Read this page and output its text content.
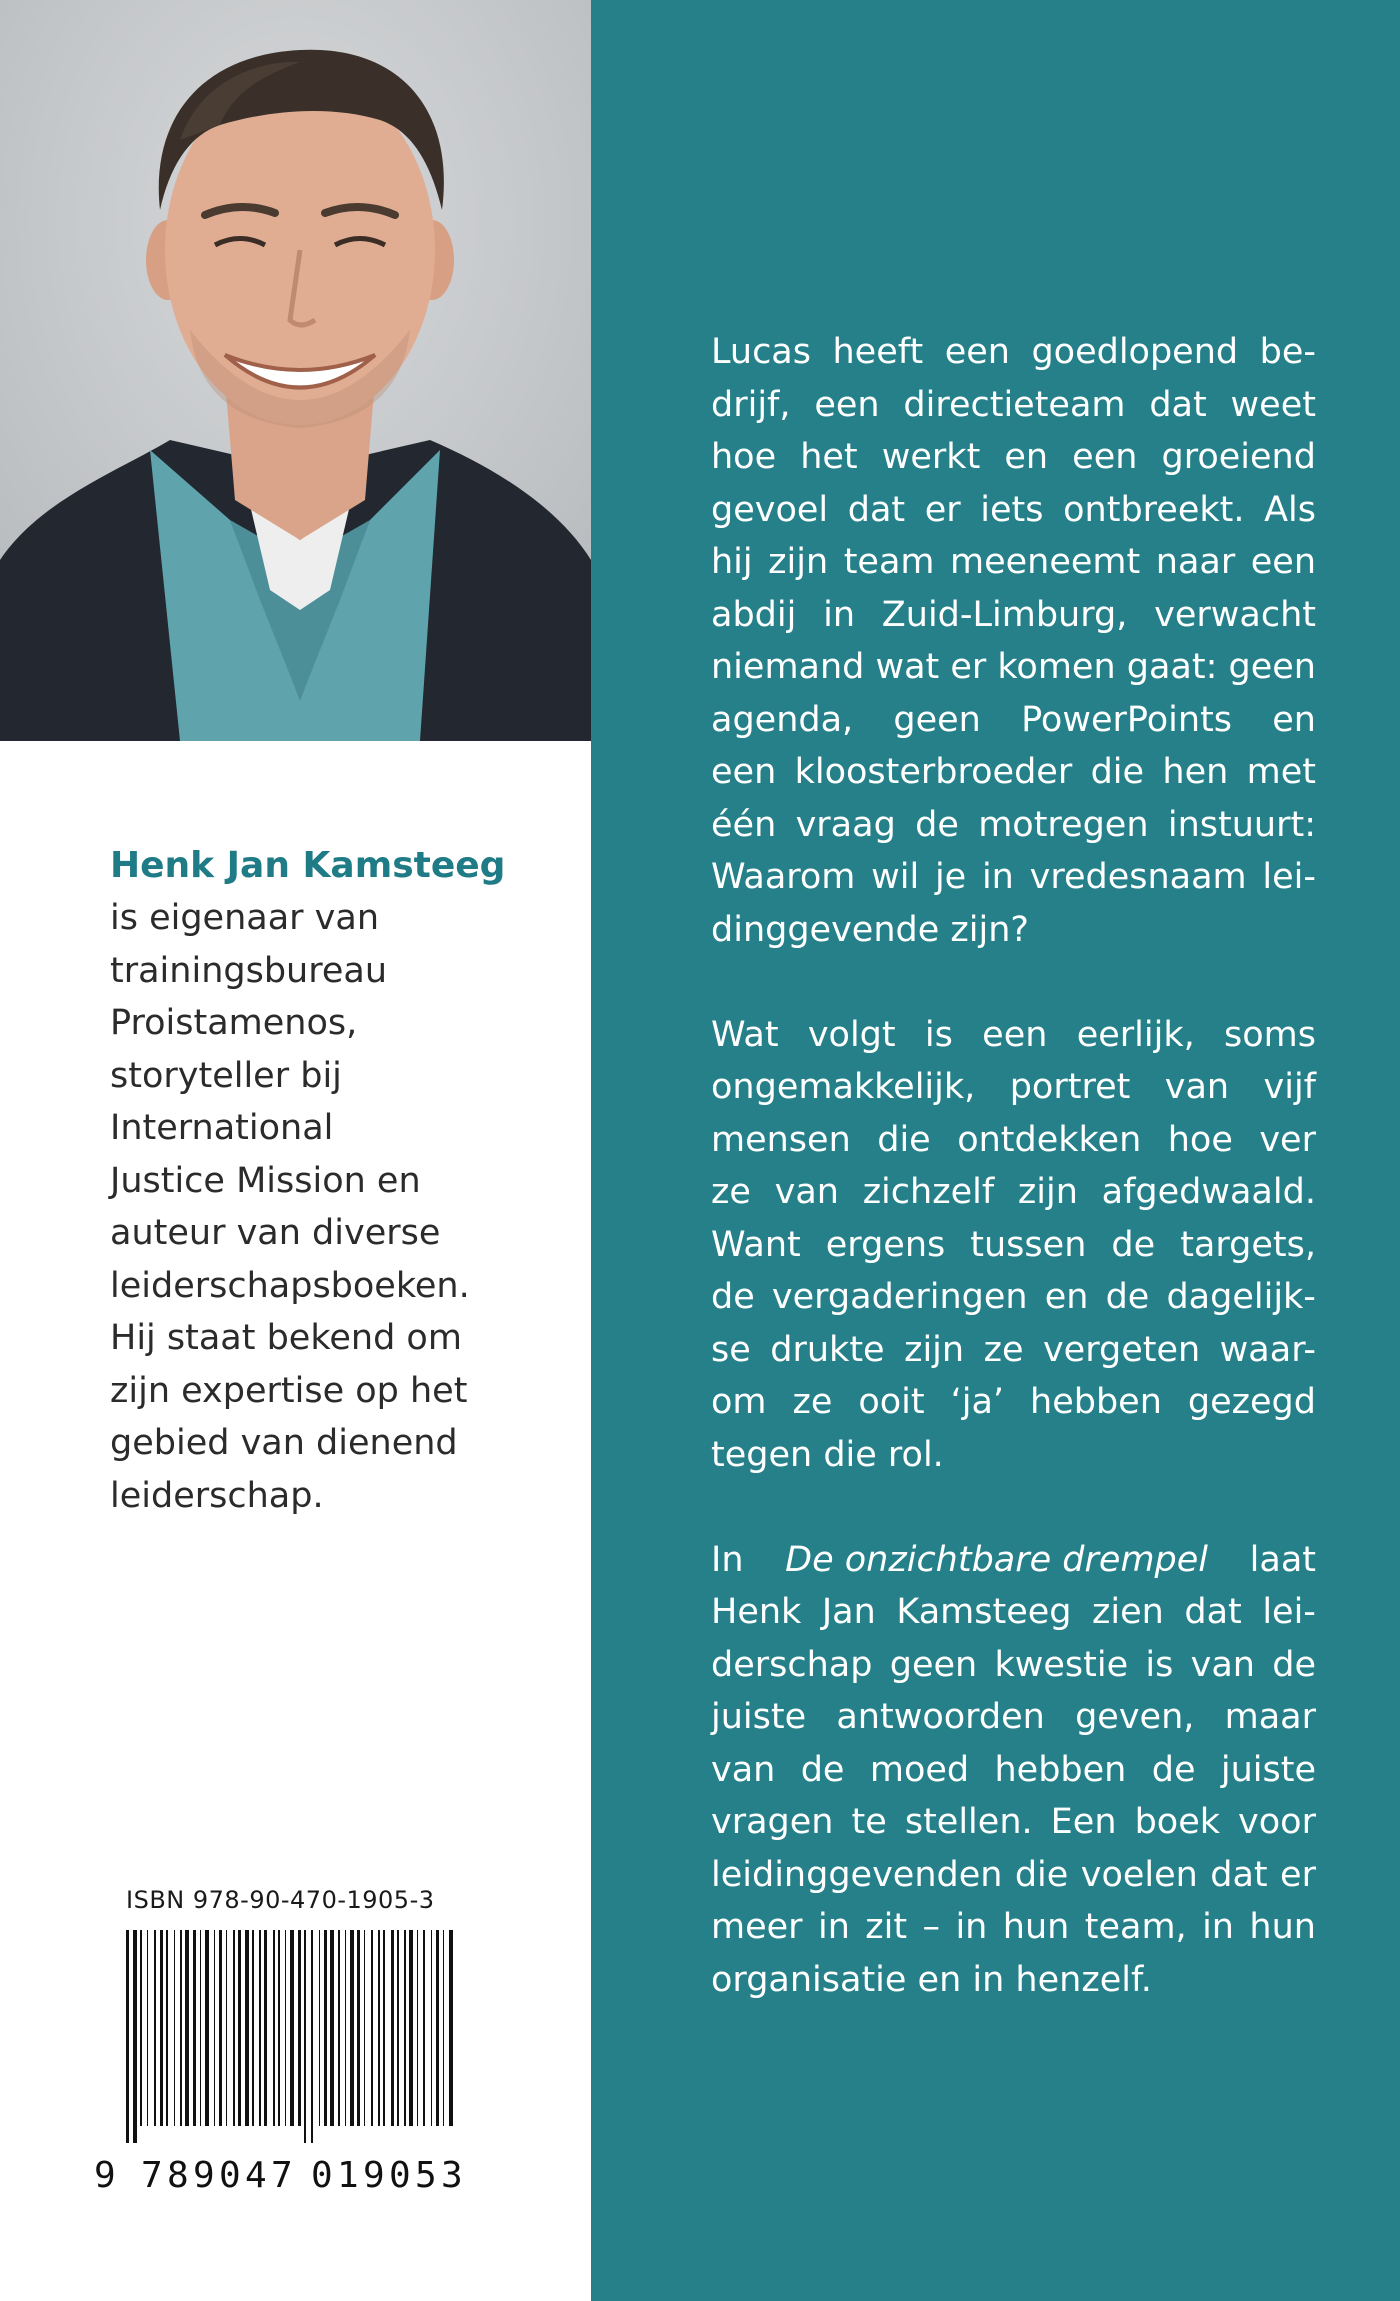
Henk Jan Kamsteeg
is eigenaar van
trainingsbureau
Proistamenos,
storyteller bij
International
Justice Mission en
auteur van diverse
leiderschapsboeken.
Hij staat bekend om
zijn expertise op het
gebied van dienend
leiderschap.
ISBN 978-90-470-1905-3
9 7 8 9 0 4 7 0 1 9 0 5 3
Lucas heeft een goedlopend be-
drijf, een directieteam dat weet
hoe het werkt en een groeiend
gevoel dat er iets ontbreekt. Als
hij zijn team meeneemt naar een
abdij in Zuid-Limburg, verwacht
niemand wat er komen gaat: geen
agenda, geen PowerPoints en
een kloosterbroeder die hen met
één vraag de motregen instuurt:
Waarom wil je in vredesnaam lei-
dinggevende zijn?
Wat volgt is een eerlijk, soms
ongemakkelijk, portret van vijf
mensen die ontdekken hoe ver
ze van zichzelf zijn afgedwaald.
Want ergens tussen de targets,
de vergaderingen en de dagelijk-
se drukte zijn ze vergeten waar-
om ze ooit ‘ja’ hebben gezegd
tegen die rol.
In De onzichtbare drempel laat
Henk Jan Kamsteeg zien dat lei-
derschap geen kwestie is van de
juiste antwoorden geven, maar
van de moed hebben de juiste
vragen te stellen. Een boek voor
leidinggevenden die voelen dat er
meer in zit – in hun team, in hun
organisatie en in henzelf.
